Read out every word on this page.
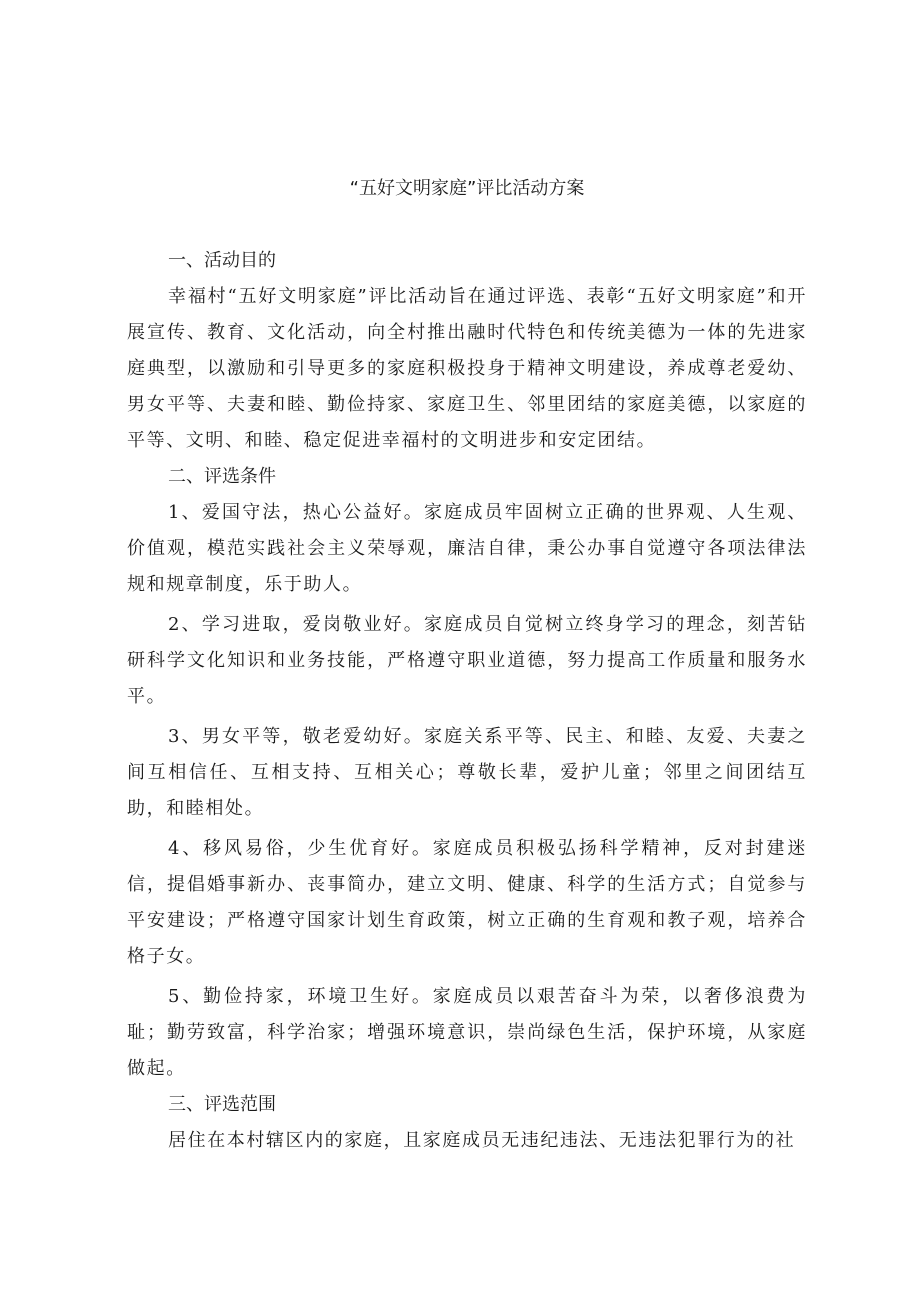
“五好文明家庭”评比活动方案

一、活动目的

幸福村“五好文明家庭”评比活动旨在通过评选、表彰“五好文明家庭”和开展宣传、教育、文化活动，向全村推出融时代特色和传统美德为一体的先进家庭典型，以激励和引导更多的家庭积极投身于精神文明建设，养成尊老爱幼、男女平等、夫妻和睦、勤俭持家、家庭卫生、邻里团结的家庭美德，以家庭的平等、文明、和睦、稳定促进幸福村的文明进步和安定团结。

二、评选条件

1、爱国守法，热心公益好。家庭成员牢固树立正确的世界观、人生观、价值观，模范实践社会主义荣辱观，廉洁自律，秉公办事自觉遵守各项法律法规和规章制度，乐于助人。

2、学习进取，爱岗敬业好。家庭成员自觉树立终身学习的理念，刻苦钻研科学文化知识和业务技能，严格遵守职业道德，努力提高工作质量和服务水平。

3、男女平等，敬老爱幼好。家庭关系平等、民主、和睦、友爱、夫妻之间互相信任、互相支持、互相关心；尊敬长辈，爱护儿童；邻里之间团结互助，和睦相处。

4、移风易俗，少生优育好。家庭成员积极弘扬科学精神，反对封建迷信，提倡婚事新办、丧事简办，建立文明、健康、科学的生活方式；自觉参与平安建设；严格遵守国家计划生育政策，树立正确的生育观和教子观，培养合格子女。

5、勤俭持家，环境卫生好。家庭成员以艰苦奋斗为荣，以奢侈浪费为耻；勤劳致富，科学治家；增强环境意识，崇尚绿色生活，保护环境，从家庭做起。

三、评选范围

居住在本村辖区内的家庭，且家庭成员无违纪违法、无违法犯罪行为的社
